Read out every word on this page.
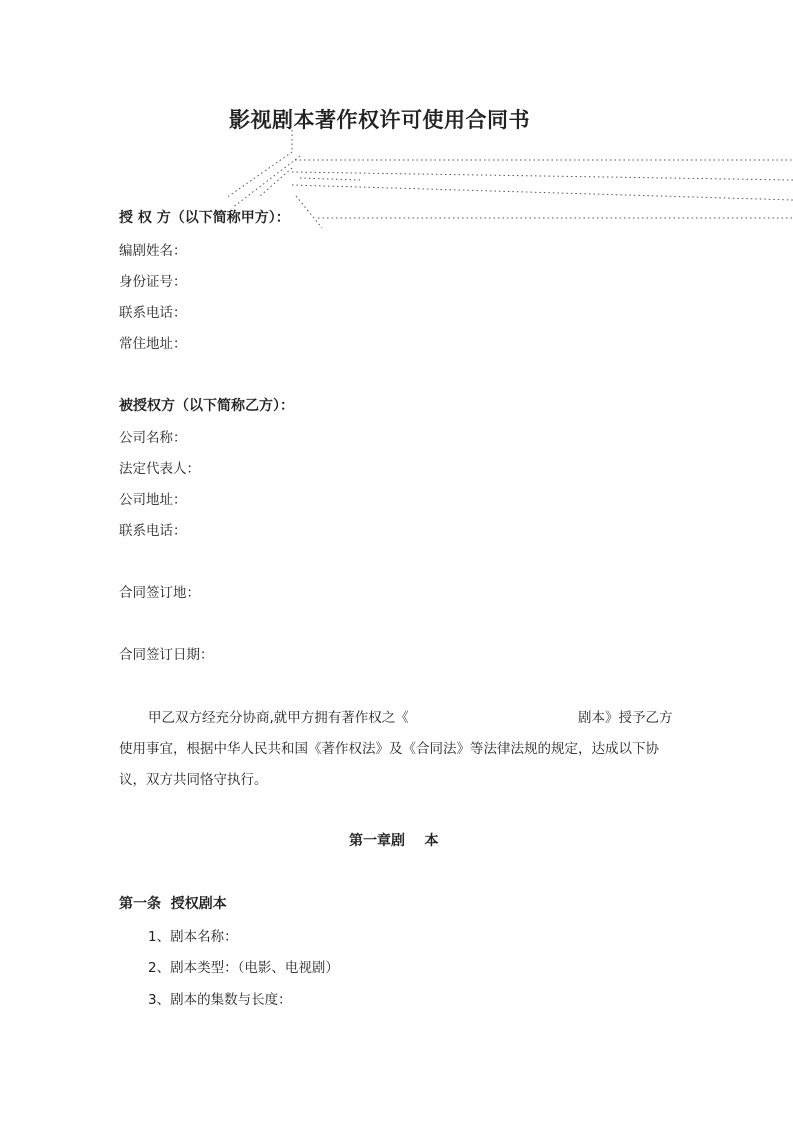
影视剧本著作权许可使用合同书
授 权 方（以下简称甲方）：
编剧姓名：
身份证号：
联系电话：
常住地址：
被授权方（以下简称乙方）：
公司名称：
法定代表人：
公司地址：
联系电话：
合同签订地：
合同签订日期：
甲乙双方经充分协商,就甲方拥有著作权之《	剧本》授予乙方
使用事宜，根据中华人民共和国《著作权法》及《合同法》等法律法规的规定，达成以下协
议，双方共同恪守执行。
第一章剧    本
第一条  授权剧本
1、剧本名称：
2、剧本类型：（电影、电视剧）
3、剧本的集数与长度：
